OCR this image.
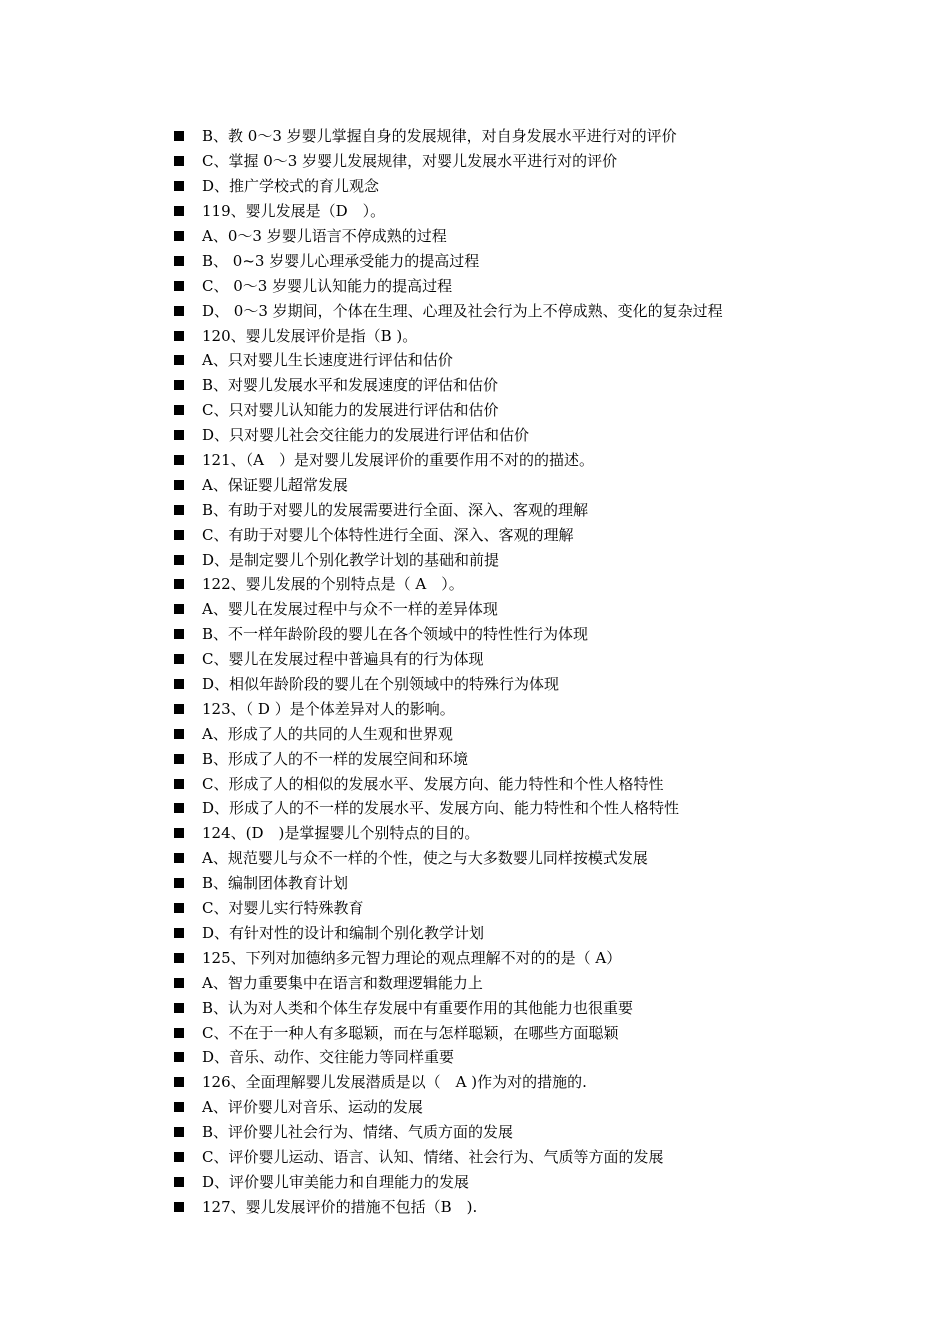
B、教 0～3 岁婴儿掌握自身的发展规律，对自身发展水平进行对的评价
C、掌握 0～3 岁婴儿发展规律，对婴儿发展水平进行对的评价
D、推广学校式的育儿观念
119、婴儿发展是（D　）。
A、0～3 岁婴儿语言不停成熟的过程
B、 0~3 岁婴儿心理承受能力的提高过程
C、 0～3 岁婴儿认知能力的提高过程
D、 0～3 岁期间，个体在生理、心理及社会行为上不停成熟、变化的复杂过程
120、婴儿发展评价是指（B )。
A、只对婴儿生长速度进行评估和估价
B、对婴儿发展水平和发展速度的评估和估价
C、只对婴儿认知能力的发展进行评估和估价
D、只对婴儿社会交往能力的发展进行评估和估价
121、（A　）是对婴儿发展评价的重要作用不对的的描述。
A、保证婴儿超常发展
B、有助于对婴儿的发展需要进行全面、深入、客观的理解
C、有助于对婴儿个体特性进行全面、深入、客观的理解
D、是制定婴儿个别化教学计划的基础和前提
122、婴儿发展的个别特点是（ A　）。
A、婴儿在发展过程中与众不一样的差异体现
B、不一样年龄阶段的婴儿在各个领域中的特性性行为体现
C、婴儿在发展过程中普遍具有的行为体现
D、相似年龄阶段的婴儿在个别领域中的特殊行为体现
123、（ D ）是个体差异对人的影响。
A、形成了人的共同的人生观和世界观
B、形成了人的不一样的发展空间和环境
C、形成了人的相似的发展水平、发展方向、能力特性和个性人格特性
D、形成了人的不一样的发展水平、发展方向、能力特性和个性人格特性
124、(D　)是掌握婴儿个别特点的目的。
A、规范婴儿与众不一样的个性，使之与大多数婴儿同样按模式发展
B、编制团体教育计划
C、对婴儿实行特殊教育
D、有针对性的设计和编制个别化教学计划
125、下列对加德纳多元智力理论的观点理解不对的的是（ A）
A、智力重要集中在语言和数理逻辑能力上
B、认为对人类和个体生存发展中有重要作用的其他能力也很重要
C、不在于一种人有多聪颖，而在与怎样聪颖，在哪些方面聪颖
D、音乐、动作、交往能力等同样重要
126、全面理解婴儿发展潜质是以（　A )作为对的措施的.
A、评价婴儿对音乐、运动的发展
B、评价婴儿社会行为、情绪、气质方面的发展
C、评价婴儿运动、语言、认知、情绪、社会行为、气质等方面的发展
D、评价婴儿审美能力和自理能力的发展
127、婴儿发展评价的措施不包括（B　).
